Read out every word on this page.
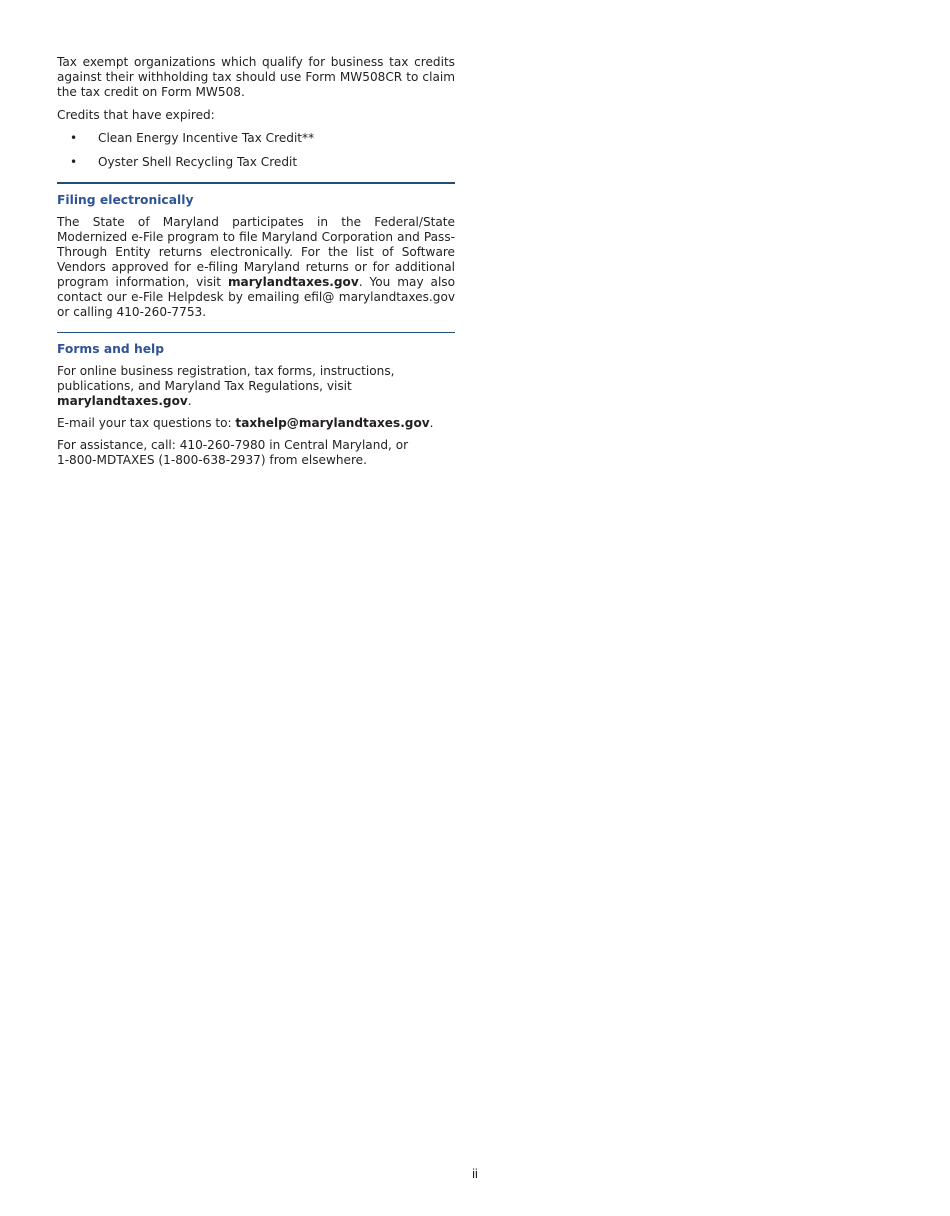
Tax exempt organizations which qualify for business tax credits against their withholding tax should use Form MW508CR to claim the tax credit on Form MW508.

Credits that have expired:

• Clean Energy Incentive Tax Credit**
• Oyster Shell Recycling Tax Credit

Filing electronically

The State of Maryland participates in the Federal/State Modernized e-File program to file Maryland Corporation and Pass-Through Entity returns electronically. For the list of Software Vendors approved for e-filing Maryland returns or for additional program information, visit marylandtaxes.gov. You may also contact our e-File Helpdesk by emailing efil@ marylandtaxes.gov or calling 410-260-7753.

Forms and help

For online business registration, tax forms, instructions, publications, and Maryland Tax Regulations, visit marylandtaxes.gov.

E-mail your tax questions to: taxhelp@marylandtaxes.gov.

For assistance, call: 410-260-7980 in Central Maryland, or
1-800-MDTAXES (1-800-638-2937) from elsewhere.

ii
